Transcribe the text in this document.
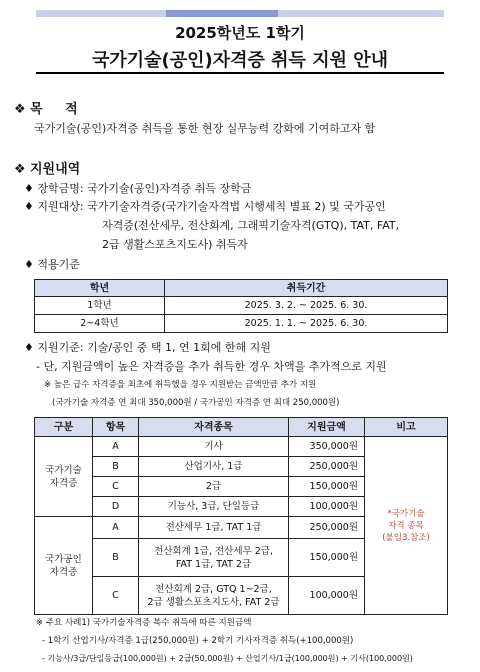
2025학년도 1학기
국가기술(공인)자격증 취득 지원 안내
❖ 목     적
국가기술(공인)자격증 취득을 통한 현장 실무능력 강화에 기여하고자 함
❖ 지원내역
♦ 장학금명: 국가기술(공인)자격증 취득 장학금
♦ 지원대상: 국가기술자격증(국가기술자격법 시행세칙 별표 2) 및 국가공인
자격증(전산세무, 전산회계, 그래픽기술자격(GTQ), TAT, FAT,
2급 생활스포츠지도사) 취득자
♦ 적용기준
학년	취득기간
1학년	2025. 3. 2. ~ 2025. 6. 30.
2~4학년	2025. 1. 1. ~ 2025. 6. 30.
♦ 지원기준: 기술/공인 중 택 1, 연 1회에 한해 지원
- 단, 지원금액이 높은 자격증을 추가 취득한 경우 차액을 추가적으로 지원
※ 높은 급수 자격증을 최초에 취득했을 경우 지원받는 금액만큼 추가 지원
(국가기술 자격증 연 최대 350,000원 / 국가공인 자격증 연 최대 250,000원)
구분	항목	자격종목	지원금액	비고
국가기술
자격증	A	기사	350,000원	*국가기술
자격 종목
(붙임3.참조)
	B	산업기사, 1급	250,000원	
	C	2급	150,000원	
	D	기능사, 3급, 단일등급	100,000원	
국가공인
자격증	A	전산세무 1급, TAT 1급	250,000원	
	B	전산회계 1급, 전산세무 2급,
FAT 1급, TAT 2급	150,000원	
	C	전산회계 2급, GTQ 1~2급,
2급 생활스포츠지도사, FAT 2급	100,000원	
※ 주요 사례1) 국가기술자격증 복수 취득에 따른 지원금액
- 1학기 산업기사/자격증 1급(250,000원) + 2학기 기사자격증 취득(+100,000원)
- 기능사/3급/단일등급(100,000원) + 2급(50,000원) + 산업기사/1급(100,000원) + 기사(100,000원)
